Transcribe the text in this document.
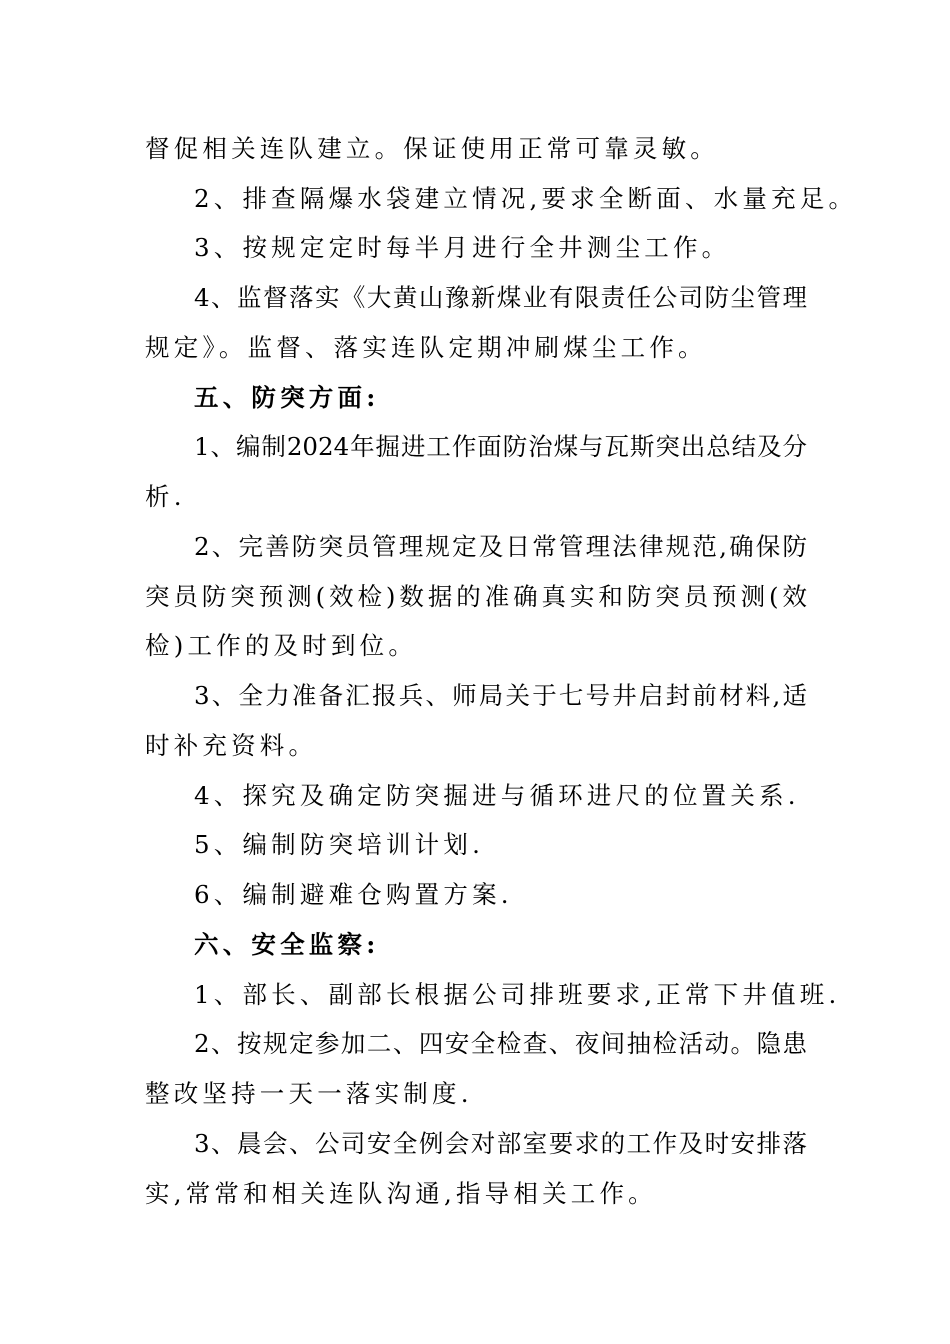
督促相关连队建立。保证使用正常可靠灵敏。
2、排查隔爆水袋建立情况,要求全断面、水量充足。
3、按规定定时每半月进行全井测尘工作。
4、监督落实《大黄山豫新煤业有限责任公司防尘管理
规定》。监督、落实连队定期冲刷煤尘工作。
五、防突方面:
1、编制2024年掘进工作面防治煤与瓦斯突出总结及分
析.
2、完善防突员管理规定及日常管理法律规范,确保防
突员防突预测(效检)数据的准确真实和防突员预测(效
检)工作的及时到位。
3、全力准备汇报兵、师局关于七号井启封前材料,适
时补充资料。
4、探究及确定防突掘进与循环进尺的位置关系.
5、编制防突培训计划.
6、编制避难仓购置方案.
六、安全监察:
1、部长、副部长根据公司排班要求,正常下井值班.
2、按规定参加二、四安全检查、夜间抽检活动。隐患
整改坚持一天一落实制度.
3、晨会、公司安全例会对部室要求的工作及时安排落
实,常常和相关连队沟通,指导相关工作。
